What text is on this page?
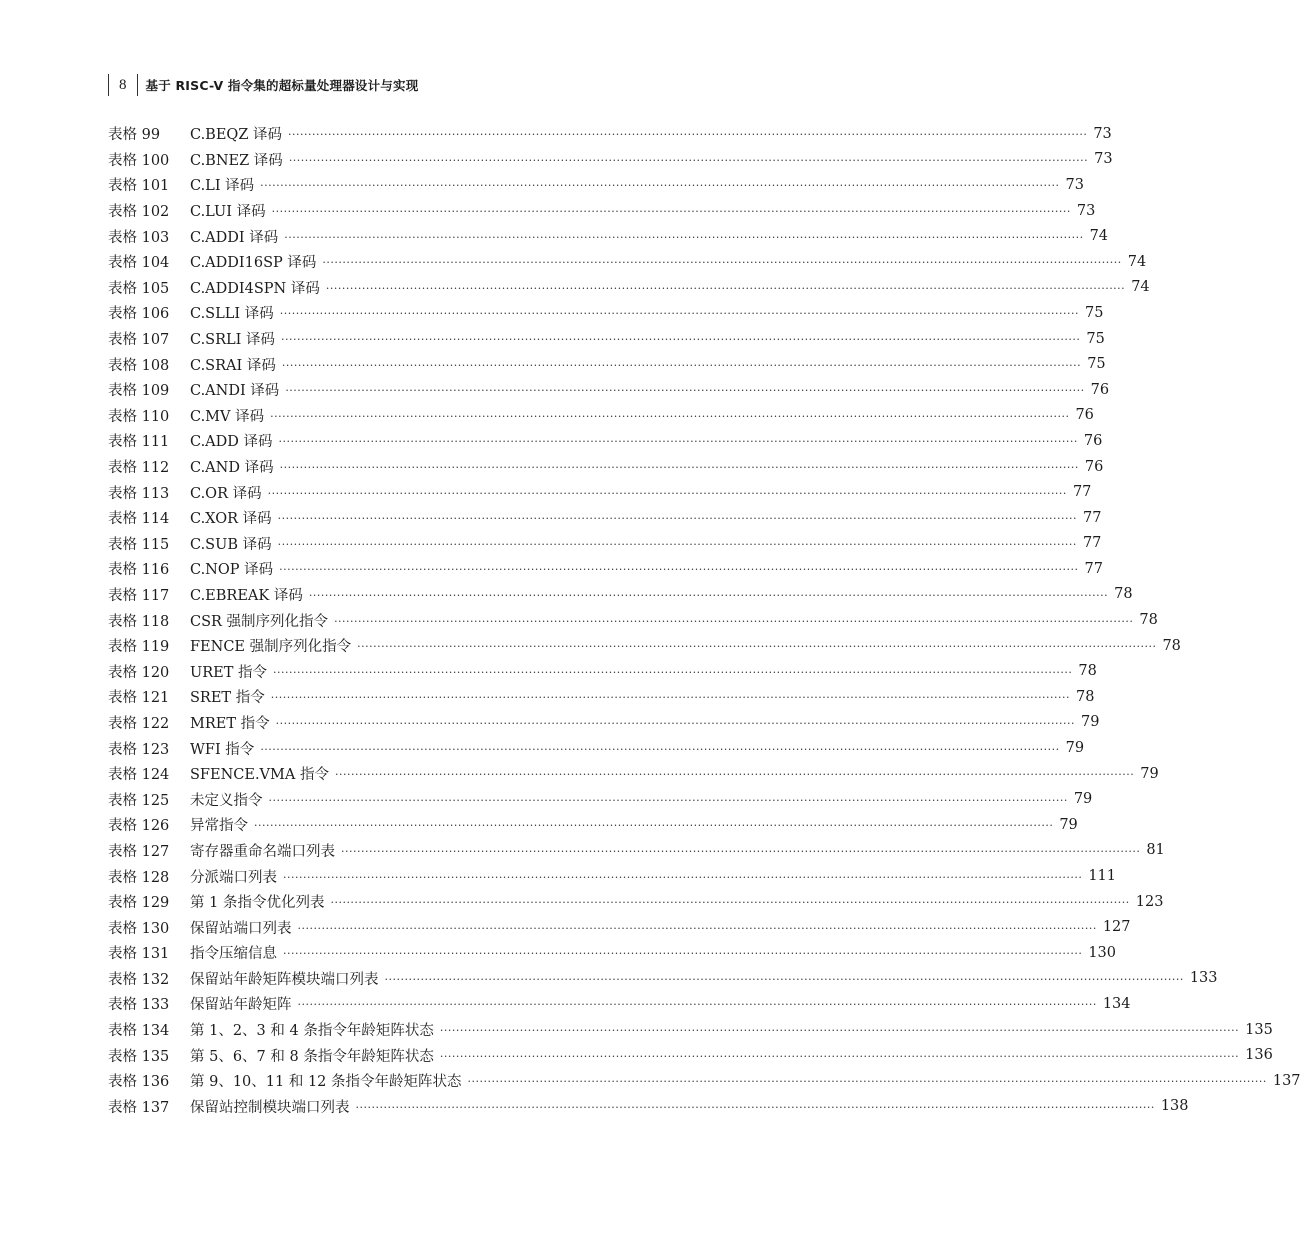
8 基于 RISC-V 指令集的超标量处理器设计与实现
表格 99	C.BEQZ 译码 ········································································································································································································ 73
表格 100	C.BNEZ 译码 ········································································································································································································ 73
表格 101	C.LI 译码 ········································································································································································································ 73
表格 102	C.LUI 译码 ········································································································································································································ 73
表格 103	C.ADDI 译码 ········································································································································································································ 74
表格 104	C.ADDI16SP 译码 ········································································································································································································ 74
表格 105	C.ADDI4SPN 译码 ········································································································································································································ 74
表格 106	C.SLLI 译码 ········································································································································································································ 75
表格 107	C.SRLI 译码 ········································································································································································································ 75
表格 108	C.SRAI 译码 ········································································································································································································ 75
表格 109	C.ANDI 译码 ········································································································································································································ 76
表格 110	C.MV 译码 ········································································································································································································ 76
表格 111	C.ADD 译码 ········································································································································································································ 76
表格 112	C.AND 译码 ········································································································································································································ 76
表格 113	C.OR 译码 ········································································································································································································ 77
表格 114	C.XOR 译码 ········································································································································································································ 77
表格 115	C.SUB 译码 ········································································································································································································ 77
表格 116	C.NOP 译码 ········································································································································································································ 77
表格 117	C.EBREAK 译码 ········································································································································································································ 78
表格 118	CSR 强制序列化指令 ········································································································································································································ 78
表格 119	FENCE 强制序列化指令 ········································································································································································································ 78
表格 120	URET 指令 ········································································································································································································ 78
表格 121	SRET 指令 ········································································································································································································ 78
表格 122	MRET 指令 ········································································································································································································ 79
表格 123	WFI 指令 ········································································································································································································ 79
表格 124	SFENCE.VMA 指令 ········································································································································································································ 79
表格 125	未定义指令 ········································································································································································································ 79
表格 126	异常指令 ········································································································································································································ 79
表格 127	寄存器重命名端口列表 ········································································································································································································ 81
表格 128	分派端口列表 ········································································································································································································ 111
表格 129	第 1 条指令优化列表 ········································································································································································································ 123
表格 130	保留站端口列表 ········································································································································································································ 127
表格 131	指令压缩信息 ········································································································································································································ 130
表格 132	保留站年龄矩阵模块端口列表 ········································································································································································································ 133
表格 133	保留站年龄矩阵 ········································································································································································································ 134
表格 134	第 1、2、3 和 4 条指令年龄矩阵状态 ········································································································································································································ 135
表格 135	第 5、6、7 和 8 条指令年龄矩阵状态 ········································································································································································································ 136
表格 136	第 9、10、11 和 12 条指令年龄矩阵状态 ········································································································································································································ 137
表格 137	保留站控制模块端口列表 ········································································································································································································ 138
